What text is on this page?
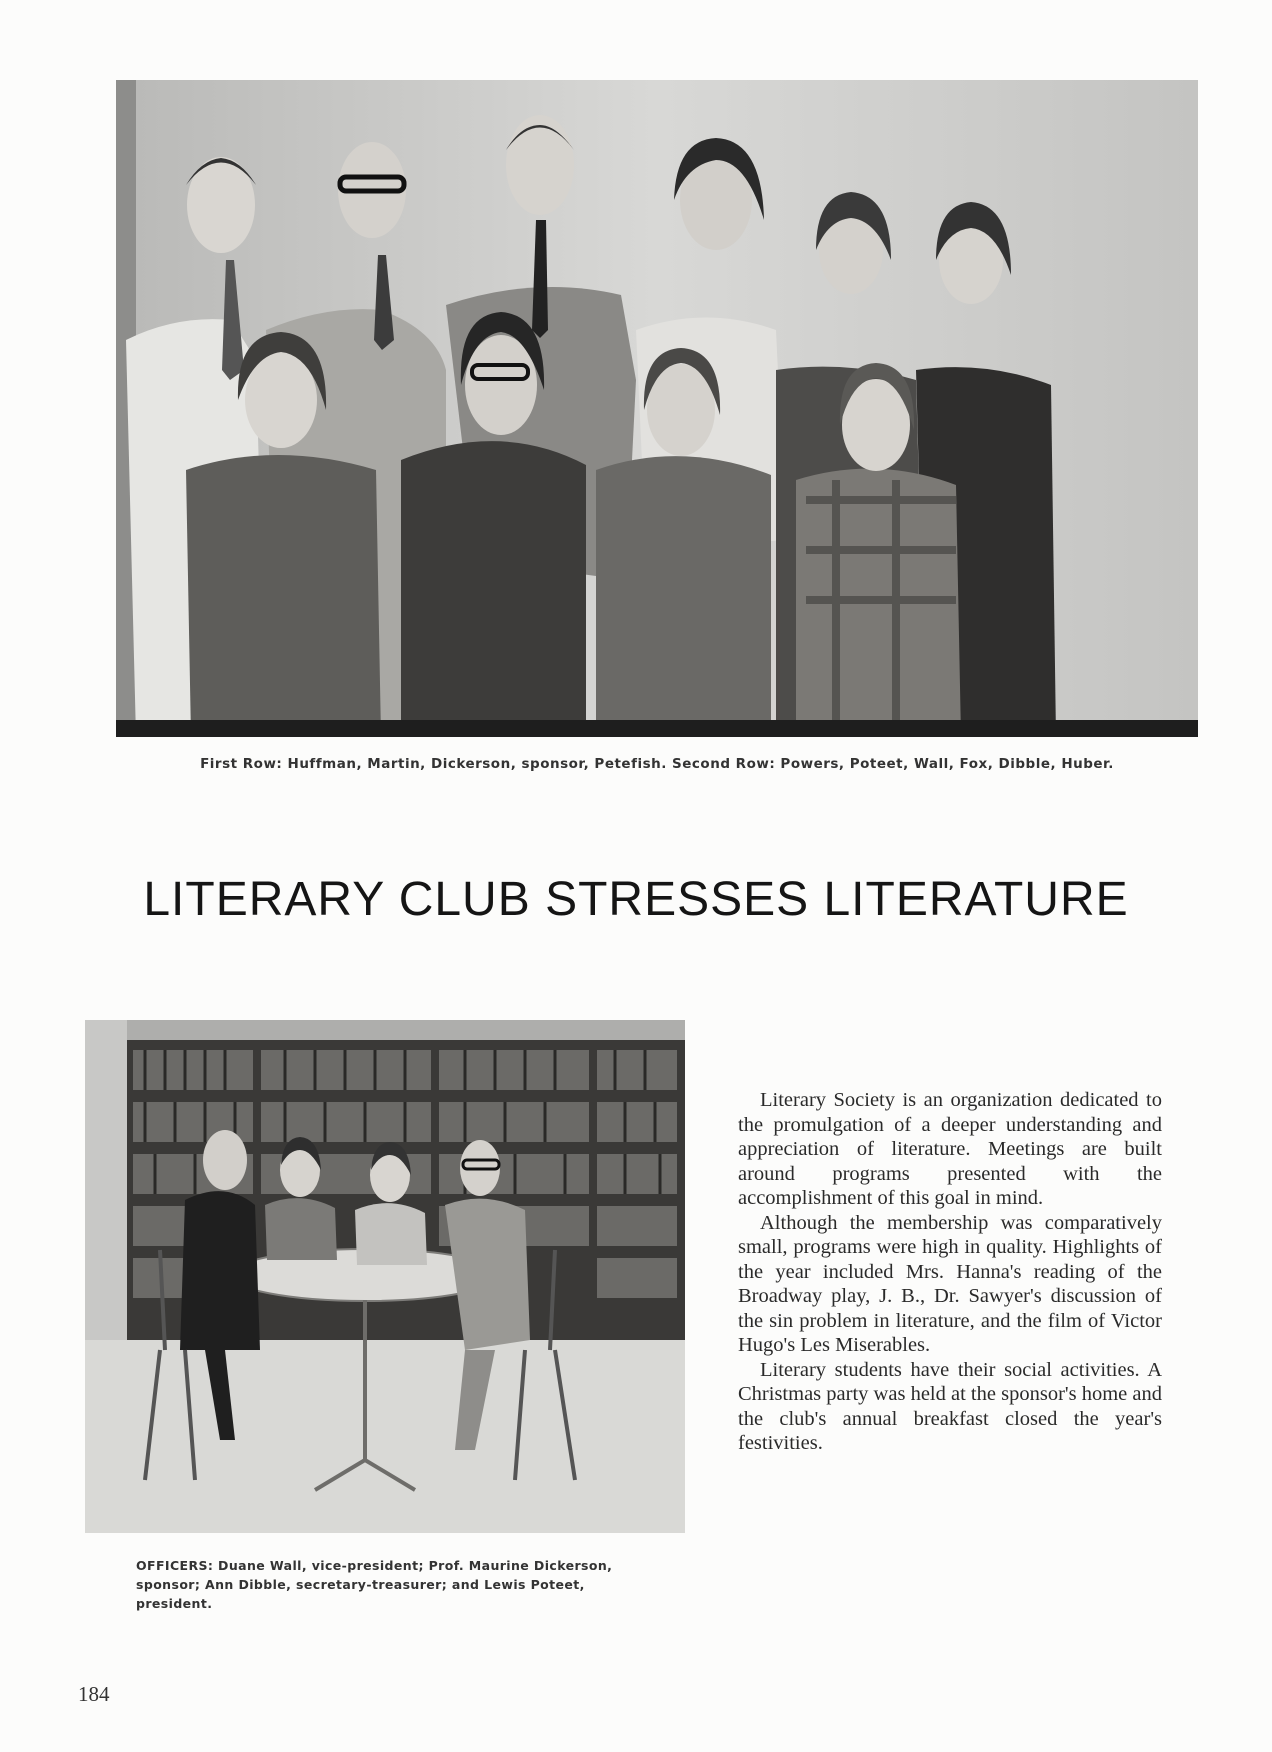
First Row: Huffman, Martin, Dickerson, sponsor, Petefish. Second Row: Powers, Poteet, Wall, Fox, Dibble, Huber.
LITERARY CLUB STRESSES LITERATURE

Literary Society is an organization dedicated to the promulgation of a deeper understanding and appreciation of literature. Meetings are built around programs presented with the accomplishment of this goal in mind.

Although the membership was comparatively small, programs were high in quality. Highlights of the year included Mrs. Hanna's reading of the Broadway play, J. B., Dr. Sawyer's discussion of the sin problem in literature, and the film of Victor Hugo's Les Miserables.

Literary students have their social activities. A Christmas party was held at the sponsor's home and the club's annual breakfast closed the year's festivities.

OFFICERS: Duane Wall, vice-president; Prof. Maurine Dickerson, sponsor; Ann Dibble, secretary-treasurer; and Lewis Poteet, president.
184
